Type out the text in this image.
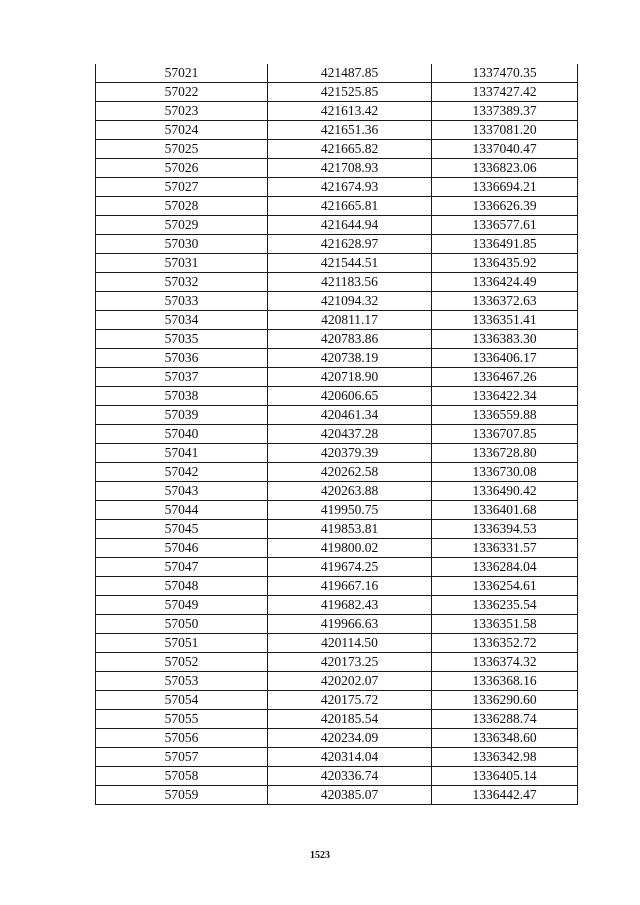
57021	421487.85	1337470.35
57022	421525.85	1337427.42
57023	421613.42	1337389.37
57024	421651.36	1337081.20
57025	421665.82	1337040.47
57026	421708.93	1336823.06
57027	421674.93	1336694.21
57028	421665.81	1336626.39
57029	421644.94	1336577.61
57030	421628.97	1336491.85
57031	421544.51	1336435.92
57032	421183.56	1336424.49
57033	421094.32	1336372.63
57034	420811.17	1336351.41
57035	420783.86	1336383.30
57036	420738.19	1336406.17
57037	420718.90	1336467.26
57038	420606.65	1336422.34
57039	420461.34	1336559.88
57040	420437.28	1336707.85
57041	420379.39	1336728.80
57042	420262.58	1336730.08
57043	420263.88	1336490.42
57044	419950.75	1336401.68
57045	419853.81	1336394.53
57046	419800.02	1336331.57
57047	419674.25	1336284.04
57048	419667.16	1336254.61
57049	419682.43	1336235.54
57050	419966.63	1336351.58
57051	420114.50	1336352.72
57052	420173.25	1336374.32
57053	420202.07	1336368.16
57054	420175.72	1336290.60
57055	420185.54	1336288.74
57056	420234.09	1336348.60
57057	420314.04	1336342.98
57058	420336.74	1336405.14
57059	420385.07	1336442.47
1523
